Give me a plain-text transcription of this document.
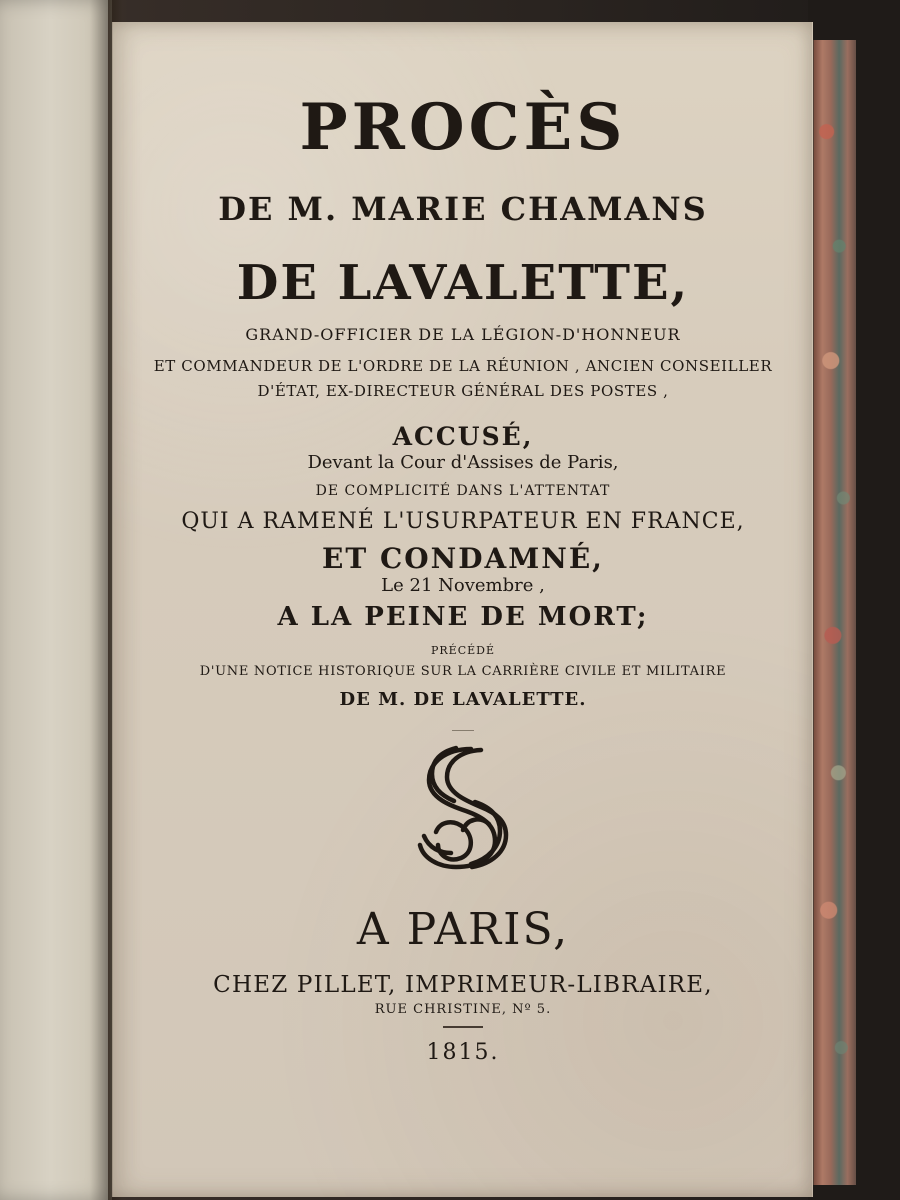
PROCÈS
DE M. MARIE CHAMANS
DE LAVALETTE,
GRAND-OFFICIER DE LA LÉGION-D'HONNEUR
ET COMMANDEUR DE L'ORDRE DE LA RÉUNION , ANCIEN CONSEILLER
D'ÉTAT, EX-DIRECTEUR GÉNÉRAL DES POSTES ,
ACCUSÉ,
Devant la Cour d'Assises de Paris,
DE COMPLICITÉ DANS L'ATTENTAT
QUI A RAMENÉ L'USURPATEUR EN FRANCE,
ET CONDAMNÉ,
Le 21 Novembre ,
A LA PEINE DE MORT;
PRÉCÉDÉ
D'UNE NOTICE HISTORIQUE SUR LA CARRIÈRE CIVILE ET MILITAIRE
DE M. DE LAVALETTE.
A PARIS,
CHEZ PILLET, IMPRIMEUR-LIBRAIRE,
RUE CHRISTINE, Nº 5.
1815.
